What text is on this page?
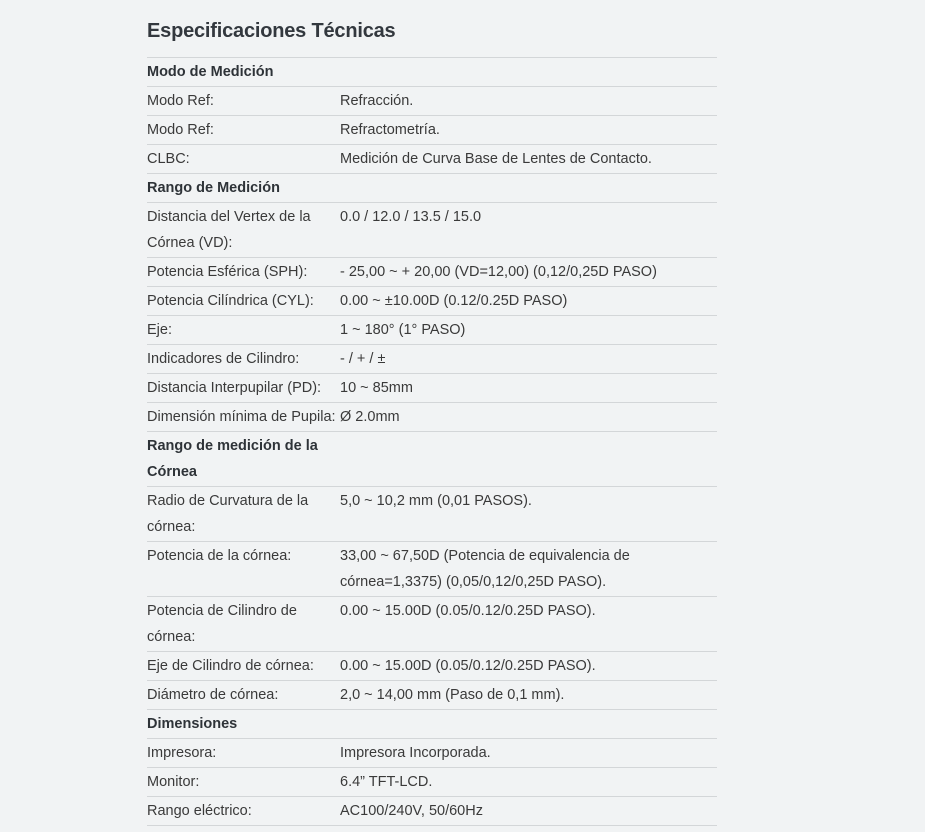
Especificaciones Técnicas
Modo de Medición	
Modo Ref:	Refracción.
Modo Ref:	Refractometría.
CLBC:	Medición de Curva Base de Lentes de Contacto.
Rango de Medición	
Distancia del Vertex de la Córnea (VD):	0.0 / 12.0 / 13.5 / 15.0
Potencia Esférica (SPH):	- 25,00 ~ + 20,00 (VD=12,00) (0,12/0,25D PASO)
Potencia Cilíndrica (CYL):	0.00 ~ ±10.00D (0.12/0.25D PASO)
Eje:	1 ~ 180° (1° PASO)
Indicadores de Cilindro:	- / + / ±
Distancia Interpupilar (PD):	10 ~ 85mm
Dimensión mínima de Pupila:	Ø 2.0mm
Rango de medición de la Córnea	
Radio de Curvatura de la córnea:	5,0 ~ 10,2 mm (0,01 PASOS).
Potencia de la córnea:	33,00 ~ 67,50D (Potencia de equivalencia de córnea=1,3375) (0,05/0,12/0,25D PASO).
Potencia de Cilindro de córnea:	0.00 ~ 15.00D (0.05/0.12/0.25D PASO).
Eje de Cilindro de córnea:	0.00 ~ 15.00D (0.05/0.12/0.25D PASO).
Diámetro de córnea:	2,0 ~ 14,00 mm (Paso de 0,1 mm).
Dimensiones	
Impresora:	Impresora Incorporada.
Monitor:	6.4” TFT-LCD.
Rango eléctrico:	AC100/240V, 50/60Hz
